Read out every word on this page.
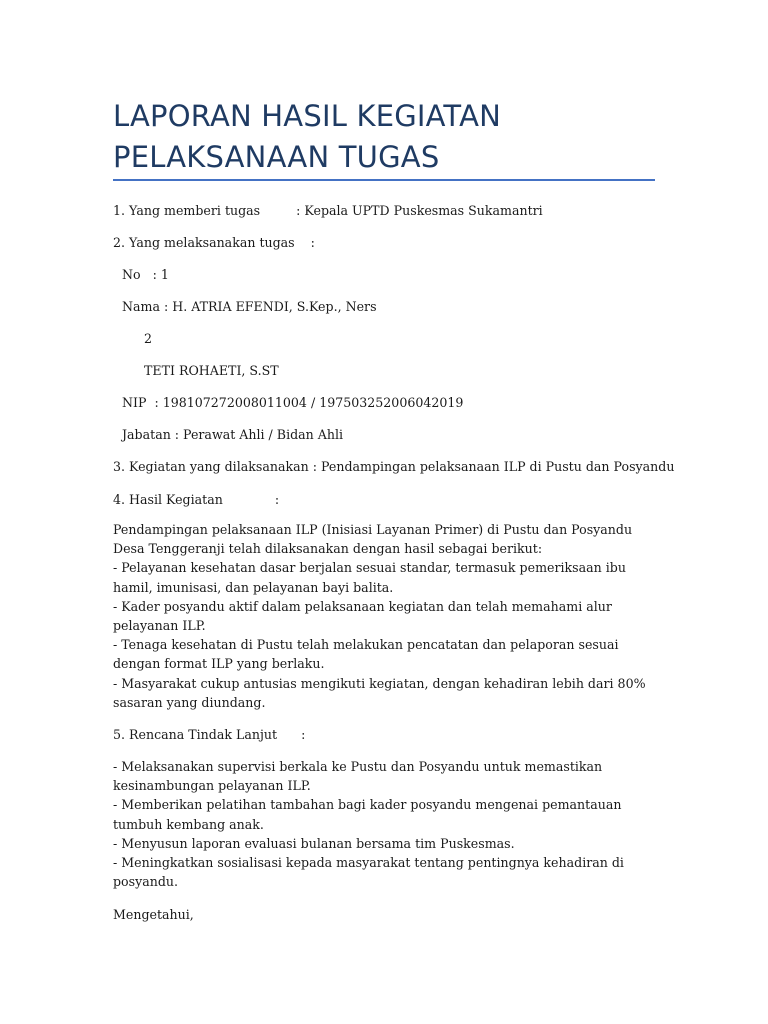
LAPORAN HASIL KEGIATAN
PELAKSANAAN TUGAS

1. Yang memberi tugas         : Kepala UPTD Puskesmas Sukamantri

2. Yang melaksanakan tugas    :

No   : 1

Nama : H. ATRIA EFENDI, S.Kep., Ners

2

TETI ROHAETI, S.ST

NIP  : 198107272008011004 / 197503252006042019

Jabatan : Perawat Ahli / Bidan Ahli

3. Kegiatan yang dilaksanakan : Pendampingan pelaksanaan ILP di Pustu dan Posyandu

4. Hasil Kegiatan             :

Pendampingan pelaksanaan ILP (Inisiasi Layanan Primer) di Pustu dan Posyandu Desa Tenggeranji telah dilaksanakan dengan hasil sebagai berikut:
- Pelayanan kesehatan dasar berjalan sesuai standar, termasuk pemeriksaan ibu hamil, imunisasi, dan pelayanan bayi balita.
- Kader posyandu aktif dalam pelaksanaan kegiatan dan telah memahami alur pelayanan ILP.
- Tenaga kesehatan di Pustu telah melakukan pencatatan dan pelaporan sesuai dengan format ILP yang berlaku.
- Masyarakat cukup antusias mengikuti kegiatan, dengan kehadiran lebih dari 80% sasaran yang diundang.

5. Rencana Tindak Lanjut      :

- Melaksanakan supervisi berkala ke Pustu dan Posyandu untuk memastikan kesinambungan pelayanan ILP.
- Memberikan pelatihan tambahan bagi kader posyandu mengenai pemantauan tumbuh kembang anak.
- Menyusun laporan evaluasi bulanan bersama tim Puskesmas.
- Meningkatkan sosialisasi kepada masyarakat tentang pentingnya kehadiran di posyandu.

Mengetahui,
